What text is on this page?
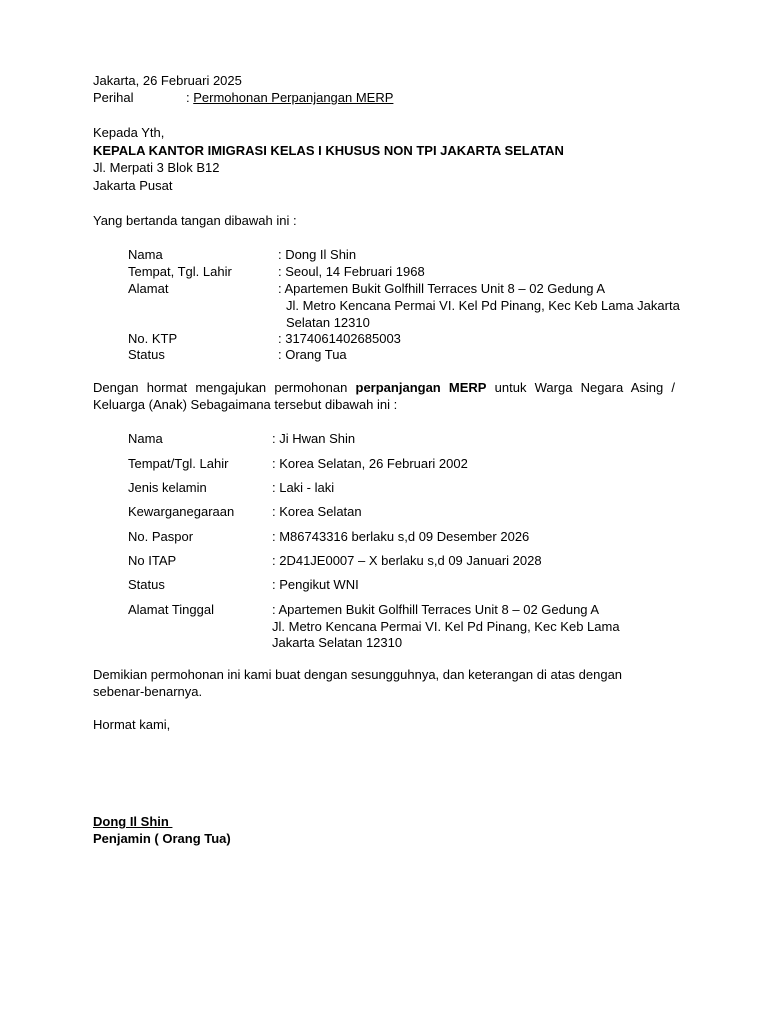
Jakarta, 26 Februari 2025
Perihal	: Permohonan Perpanjangan MERP
Kepada Yth,
KEPALA KANTOR IMIGRASI KELAS I KHUSUS NON TPI JAKARTA SELATAN
Jl. Merpati 3 Blok B12
Jakarta Pusat
Yang bertanda tangan dibawah ini :
Nama	: Dong Il Shin
Tempat, Tgl. Lahir	: Seoul, 14 Februari 1968
Alamat	: Apartemen Bukit Golfhill Terraces Unit 8 – 02 Gedung A
Jl. Metro Kencana Permai VI. Kel Pd Pinang, Kec Keb Lama Jakarta
Selatan 12310
No. KTP	: 3174061402685003
Status	: Orang Tua
Dengan hormat mengajukan permohonan perpanjangan MERP untuk Warga Negara Asing / Keluarga (Anak) Sebagaimana tersebut dibawah ini :
Nama	: Ji Hwan Shin
Tempat/Tgl. Lahir	: Korea Selatan, 26 Februari 2002
Jenis kelamin	: Laki - laki
Kewarganegaraan	: Korea Selatan
No. Paspor	: M86743316 berlaku s,d 09 Desember 2026
No ITAP	: 2D41JE0007 – X berlaku s,d 09 Januari 2028
Status	: Pengikut WNI
Alamat Tinggal	: Apartemen Bukit Golfhill Terraces Unit 8 – 02 Gedung A
Jl. Metro Kencana Permai VI. Kel Pd Pinang, Kec Keb Lama
Jakarta Selatan 12310
Demikian permohonan ini kami buat dengan sesungguhnya, dan keterangan di atas dengan sebenar-benarnya.
Hormat kami,
Dong Il Shin
Penjamin ( Orang Tua)
